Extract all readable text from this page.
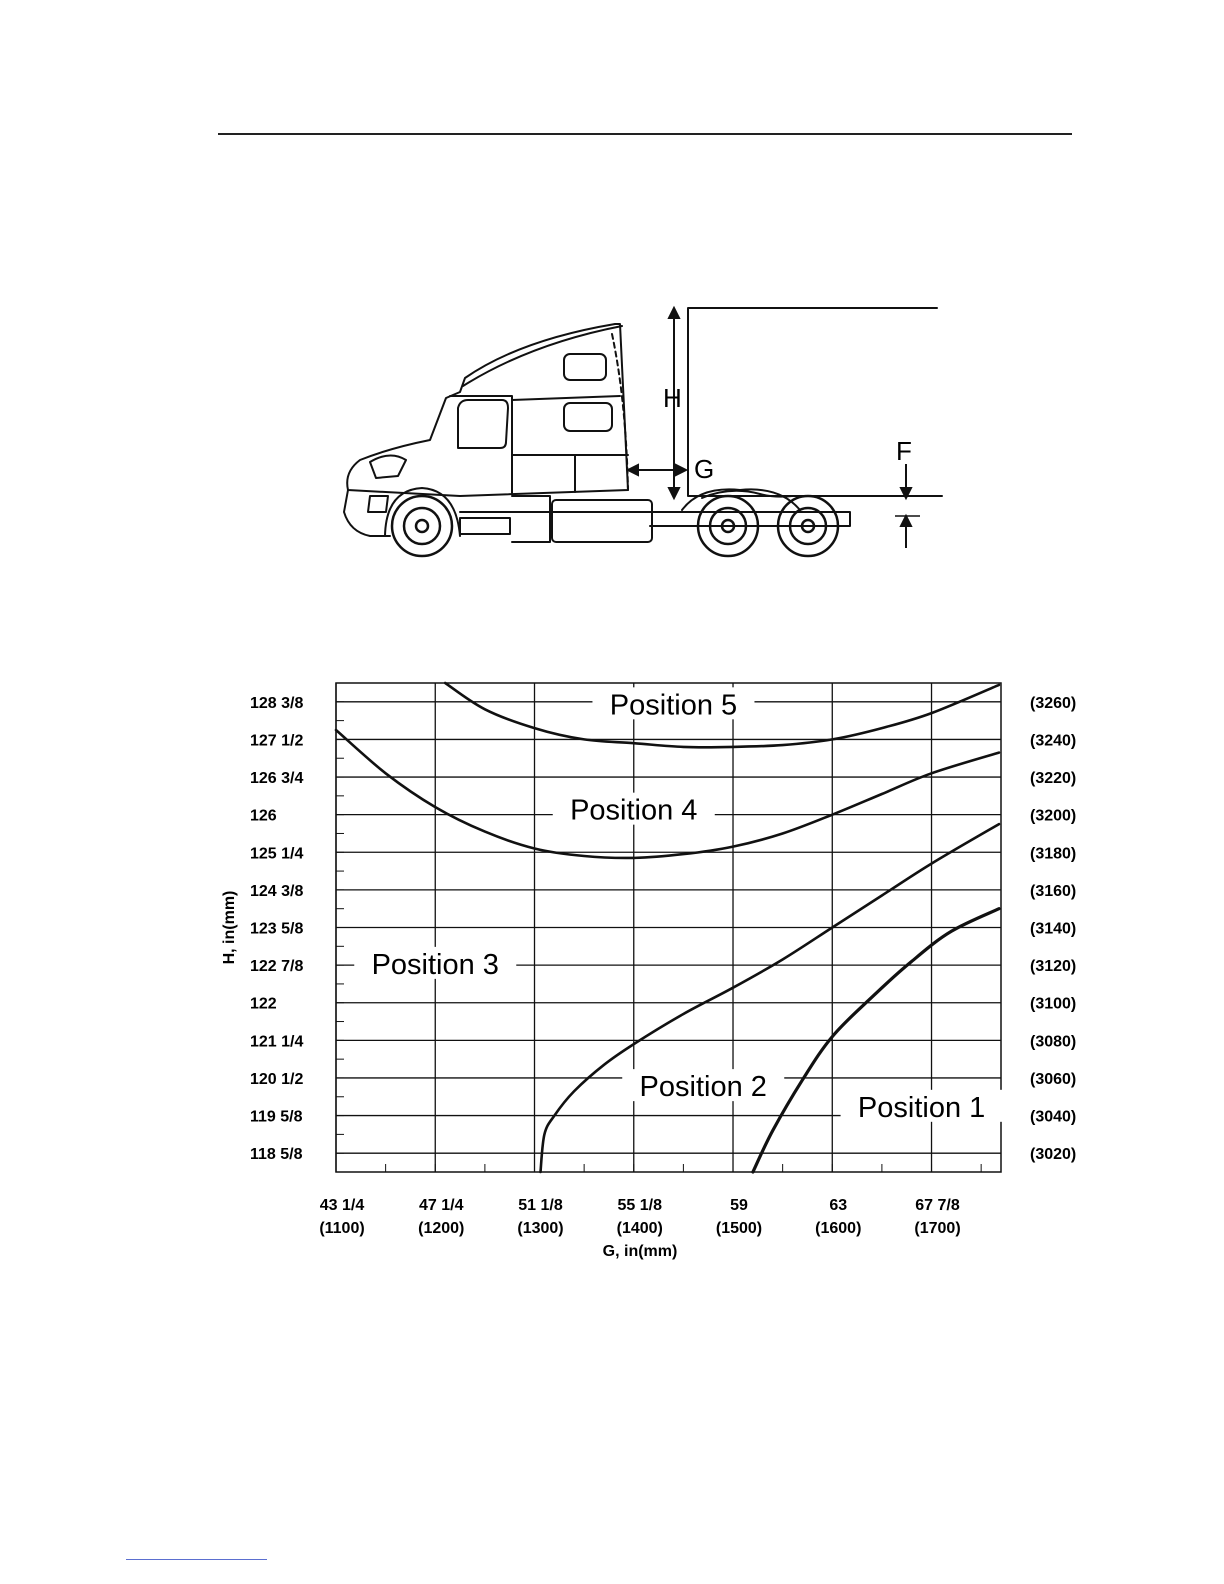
H
G
F
43 1/4
(1100)
47 1/4
(1200)
51 1/8
(1300)
55 1/8
(1400)
59
(1500)
63
(1600)
67 7/8
(1700)
118 5/8	(3020)
119 5/8	(3040)
120 1/2	(3060)
121 1/4	(3080)
122	(3100)
122 7/8	(3120)
123 5/8	(3140)
124 3/8	(3160)
125 1/4	(3180)
126	(3200)
126 3/4	(3220)
127 1/2	(3240)
128 3/8	(3260)
G, in(mm)
H, in(mm)
Position 5
Position 4
Position 3
Position 2
Position 1
